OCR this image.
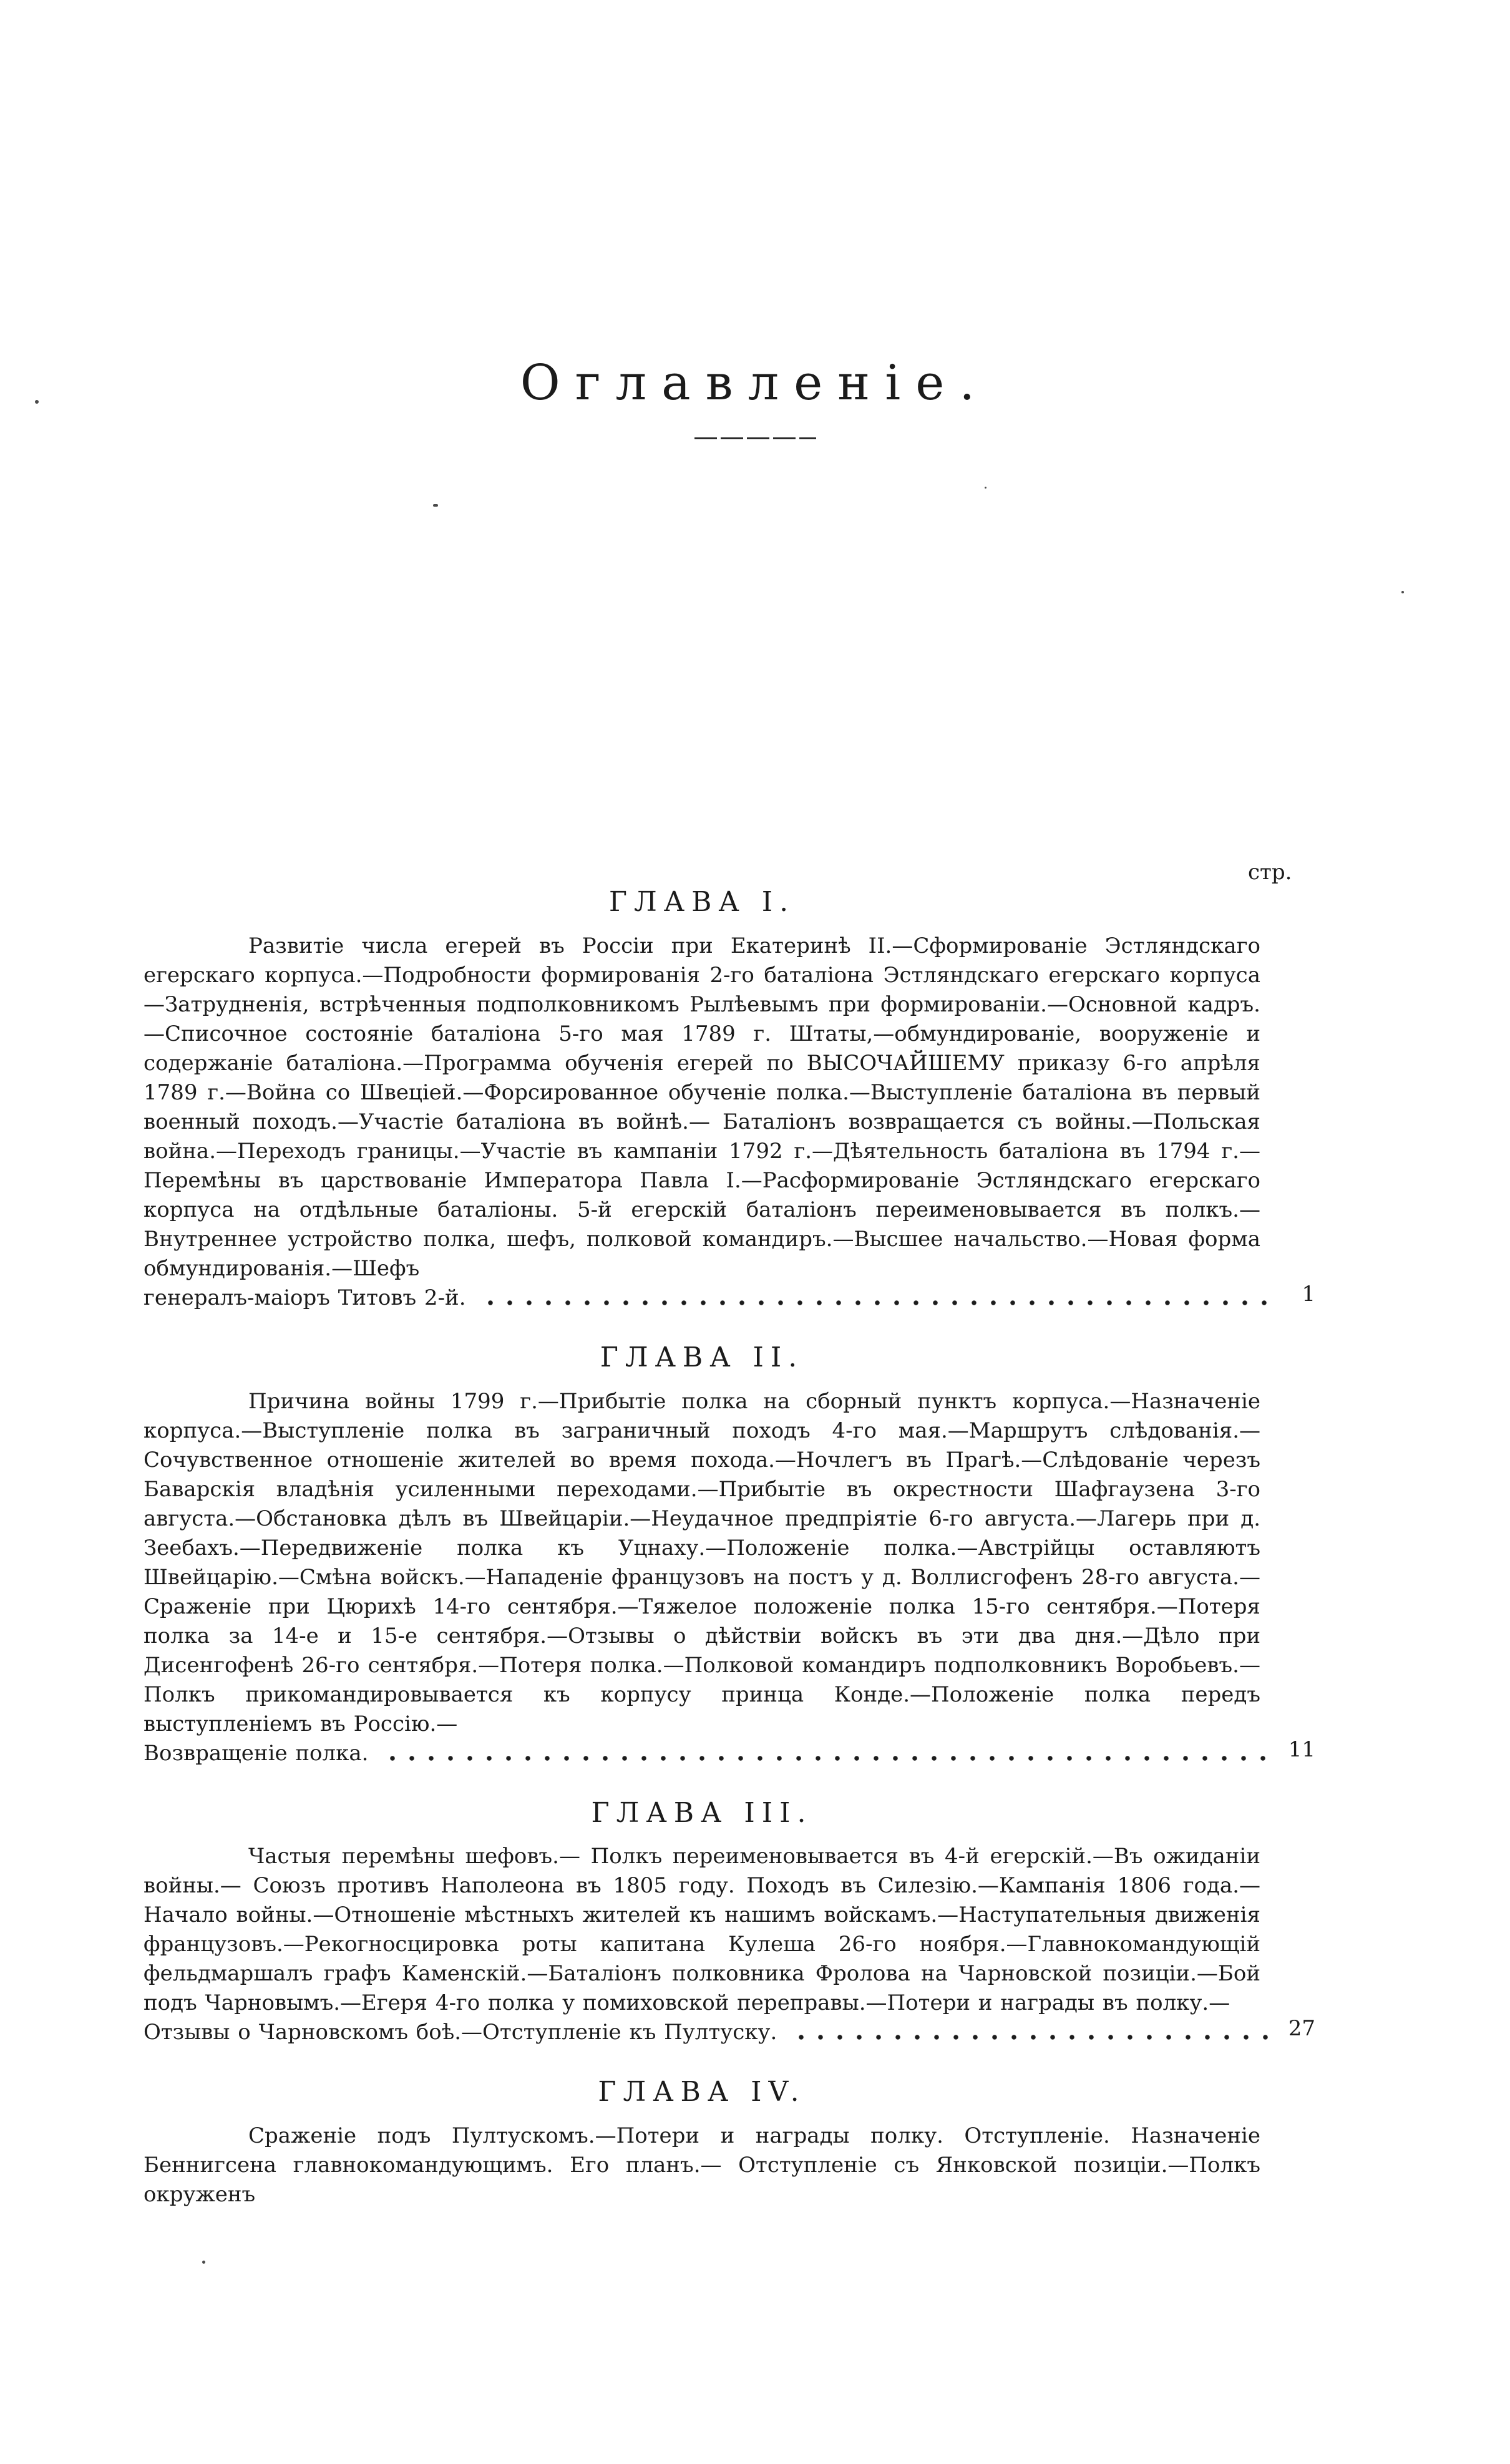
Оглавленіе.
стр.
ГЛАВА I.

Развитіе числа егерей въ Россіи при Екатеринѣ II.—Сформированіе Эстляндскаго егерскаго корпуса.—Подробности формированія 2-го баталіона Эстляндскаго егерскаго корпуса —Затрудненія, встрѣченныя подполковникомъ Рылѣевымъ при формированіи.—Основной кадръ.—Списочное состояніе баталіона 5-го мая 1789 г. Штаты,—обмундированіе, вооруженіе и содержаніе баталіона.—Программа обученія егерей по ВЫСОЧАЙШЕМУ приказу 6-го апрѣля 1789 г.—Война со Швеціей.—Форсированное обученіе полка.—Выступленіе баталіона въ первый военный походъ.—Участіе баталіона въ войнѣ.— Баталіонъ возвращается съ войны.—Польская война.—Переходъ границы.—Участіе въ кампаніи 1792 г.—Дѣятельность баталіона въ 1794 г.—Перемѣны въ царствованіе Императора Павла I.—Расформированіе Эстляндскаго егерскаго корпуса на отдѣльные баталіоны. 5-й егерскій баталіонъ переименовывается въ полкъ.— Внутреннее устройство полка, шефъ, полковой командиръ.—Высшее начальство.—Новая форма обмундированія.—Шефъ

генералъ-маіоръ Титовъ 2-й.	1
ГЛАВА II.

Причина войны 1799 г.—Прибытіе полка на сборный пунктъ корпуса.—Назначеніе корпуса.—Выступленіе полка въ заграничный походъ 4-го мая.—Маршрутъ слѣдованія.—Сочувственное отношеніе жителей во время похода.—Ночлегъ въ Прагѣ.—Слѣдованіе черезъ Баварскія владѣнія усиленными переходами.—Прибытіе въ окрестности Шафгаузена 3-го августа.—Обстановка дѣлъ въ Швейцаріи.—Неудачное предпріятіе 6-го августа.—Лагерь при д. Зеебахъ.—Передвиженіе полка къ Уцнаху.—Положеніе полка.—Австрійцы оставляютъ Швейцарію.—Смѣна войскъ.—Нападеніе французовъ на постъ у д. Воллисгофенъ 28-го августа.—Сраженіе при Цюрихѣ 14-го сентября.—Тяжелое положеніе полка 15-го сентября.—Потеря полка за 14-е и 15-е сентября.—Отзывы о дѣйствіи войскъ въ эти два дня.—Дѣло при Дисенгофенѣ 26-го сентября.—Потеря полка.—Полковой командиръ подполковникъ Воробьевъ.—Полкъ прикомандировывается къ корпусу принца Конде.—Положеніе полка передъ выступленіемъ въ Россію.—

Возвращеніе полка.	11
ГЛАВА III.

Частыя перемѣны шефовъ.— Полкъ переименовывается въ 4-й егерскій.—Въ ожиданіи войны.— Союзъ противъ Наполеона въ 1805 году. Походъ въ Силезію.—Кампанія 1806 года.—Начало войны.—Отношеніе мѣстныхъ жителей къ нашимъ войскамъ.—Наступательныя движенія французовъ.—Рекогносцировка роты капитана Кулеша 26-го ноября.—Главнокомандующій фельдмаршалъ графъ Каменскій.—Баталіонъ полковника Фролова на Чарновской позиціи.—Бой подъ Чарновымъ.—Егеря 4-го полка у помиховской переправы.—Потери и награды въ полку.—

Отзывы о Чарновскомъ боѣ.—Отступленіе къ Пултуску.	27
ГЛАВА IV.

Сраженіе подъ Пултускомъ.—Потери и награды полку. Отступленіе. Назначеніе Беннигсена главнокомандующимъ. Его планъ.— Отступленіе съ Янковской позиціи.—Полкъ окруженъ
